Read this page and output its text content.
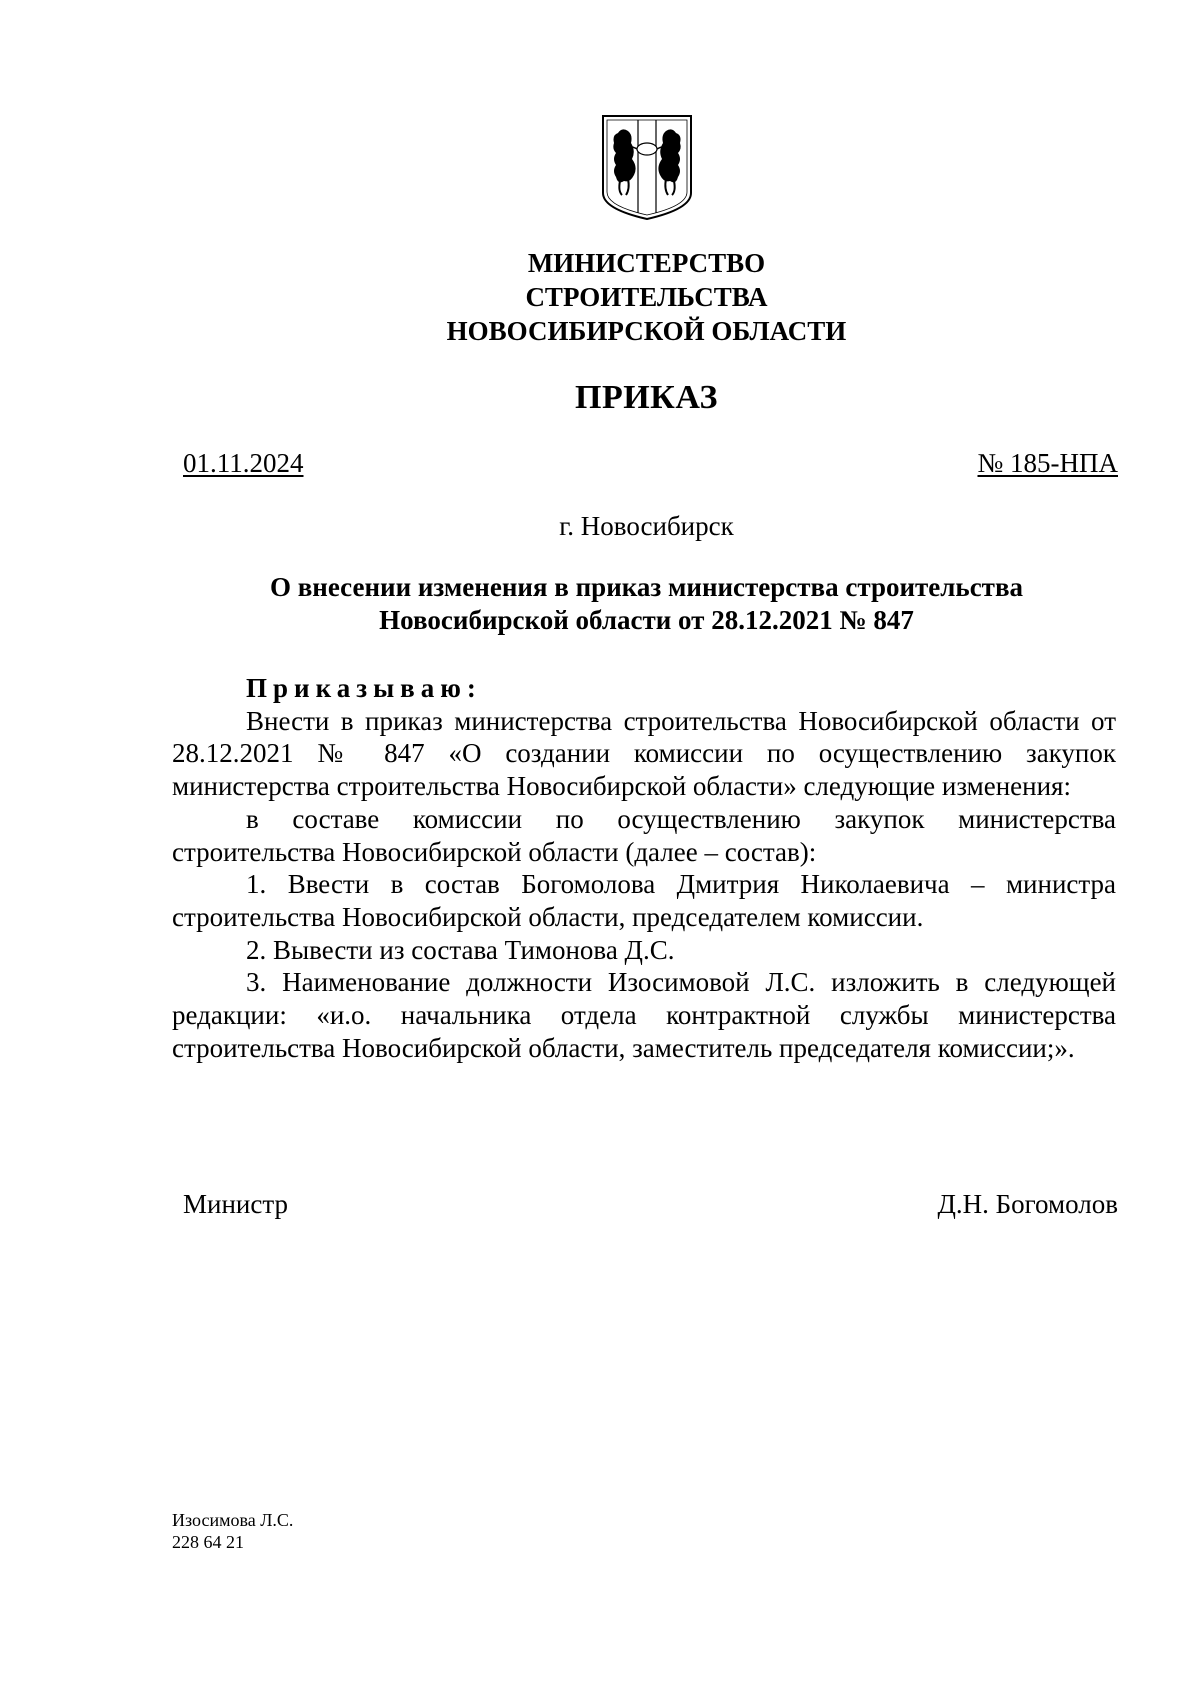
МИНИСТЕРСТВО
СТРОИТЕЛЬСТВА
НОВОСИБИРСКОЙ ОБЛАСТИ
ПРИКАЗ
01.11.2024	№ 185-НПА
г. Новосибирск
О внесении изменения в приказ министерства строительства
Новосибирской области от 28.12.2021 № 847

Приказываю:

Внести в приказ министерства строительства Новосибирской области от 28.12.2021 № 847 «О создании комиссии по осуществлению закупок министерства строительства Новосибирской области» следующие изменения:

в составе комиссии по осуществлению закупок министерства строительства Новосибирской области (далее – состав):

1. Ввести в состав Богомолова Дмитрия Николаевича – министра строительства Новосибирской области, председателем комиссии.

2. Вывести из состава Тимонова Д.С.

3. Наименование должности Изосимовой Л.С. изложить в следующей редакции: «и.о. начальника отдела контрактной службы министерства строительства Новосибирской области, заместитель председателя комиссии;».

Министр	Д.Н. Богомолов
Изосимова Л.С.
228 64 21
